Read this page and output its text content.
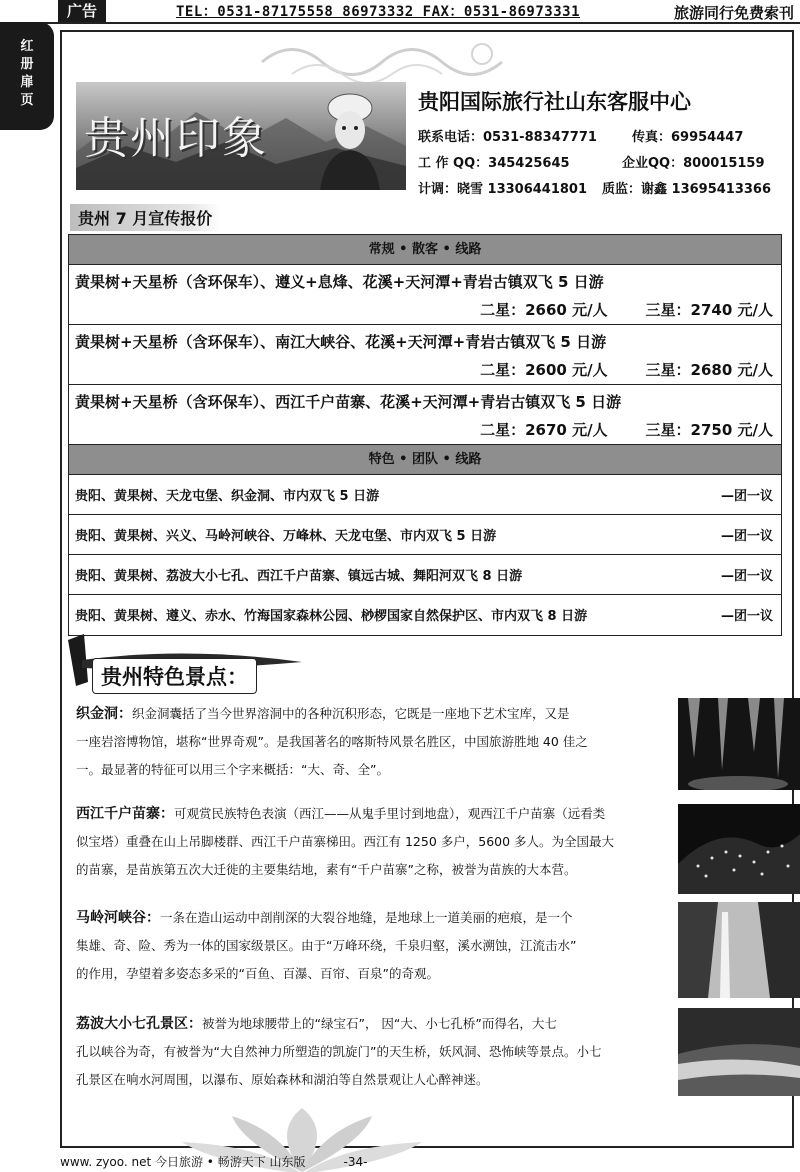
广告	TEL：0531-87175558 86973332 FAX：0531-86973331	旅游同行免费索刊
红
册
扉
页
贵州印象
贵阳国际旅行社山东客服中心
联系电话：0531-88347771	传真：69954447
工 作 QQ：345425645	企业QQ：800015159
计调：晓雪 13306441801 质监：谢鑫 13695413366
贵州 7 月宣传报价
常规 • 散客 • 线路
黄果树+天星桥（含环保车）、遵义+息烽、花溪+天河潭+青岩古镇双飞 5 日游
二星：2660 元/人	三星：2740 元/人
黄果树+天星桥（含环保车）、南江大峡谷、花溪+天河潭+青岩古镇双飞 5 日游
二星：2600 元/人	三星：2680 元/人
黄果树+天星桥（含环保车）、西江千户苗寨、花溪+天河潭+青岩古镇双飞 5 日游
二星：2670 元/人	三星：2750 元/人
特色 • 团队 • 线路
贵阳、黄果树、天龙屯堡、织金洞、市内双飞 5 日游	—团一议
贵阳、黄果树、兴义、马岭河峡谷、万峰林、天龙屯堡、市内双飞 5 日游	—团一议
贵阳、黄果树、荔波大小七孔、西江千户苗寨、镇远古城、舞阳河双飞 8 日游	—团一议
贵阳、黄果树、遵义、赤水、竹海国家森林公园、桫椤国家自然保护区、市内双飞 8 日游	—团一议
贵州特色景点：
织金洞：织金洞囊括了当今世界溶洞中的各种沉积形态，它既是一座地下艺术宝库，又是
一座岩溶博物馆，堪称“世界奇观”。是我国著名的喀斯特风景名胜区，中国旅游胜地 40 佳之
一。最显著的特征可以用三个字来概括：“大、奇、全”。
西江千户苗寨：可观赏民族特色表演（西江——从鬼手里讨到地盘），观西江千户苗寨（远看类
似宝塔）重叠在山上吊脚楼群、西江千户苗寨梯田。西江有 1250 多户，5600 多人。为全国最大
的苗寨，是苗族第五次大迁徙的主要集结地，素有“千户苗寨”之称，被誉为苗族的大本营。
马岭河峡谷：一条在造山运动中剖削深的大裂谷地缝，是地球上一道美丽的疤痕，是一个
集雄、奇、险、秀为一体的国家级景区。由于“万峰环绕，千泉归壑，溪水溯蚀，江流击水”
的作用，孕望着多姿态多采的“百鱼、百瀑、百帘、百泉”的奇观。
荔波大小七孔景区：被誉为地球腰带上的“绿宝石”， 因“大、小七孔桥”而得名，大七
孔以峡谷为奇，有被誉为“大自然神力所塑造的凯旋门”的天生桥，妖风洞、恐怖峡等景点。小七
孔景区在响水河周围，以瀑布、原始森林和湖泊等自然景观让人心醉神迷。
www. zyoo. net 今日旅游 • 畅游天下 山东版	-34-
